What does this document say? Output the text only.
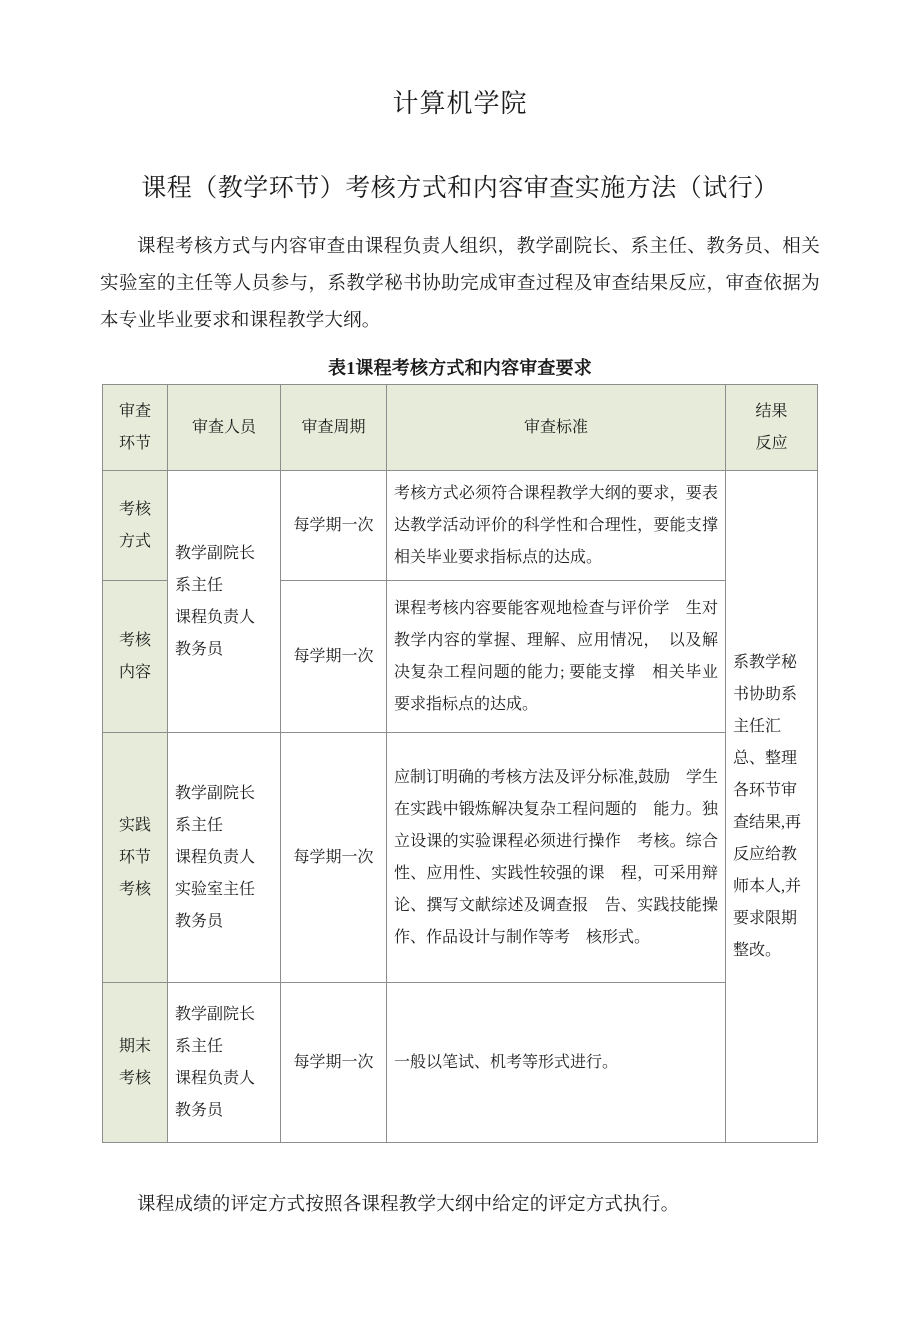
计算机学院
课程（教学环节）考核方式和内容审查实施方法（试行）

课程考核方式与内容审查由课程负责人组织，教学副院长、系主任、教务员、相关实验室的主任等人员参与，系教学秘书协助完成审查过程及审查结果反应，审查依据为本专业毕业要求和课程教学大纲。

表1课程考核方式和内容审查要求
审查
环节	审查人员	审查周期	审查标准	结果
反应

考核
方式	教学副院长
系主任
课程负责人
教务员	每学期一次	考核方式必须符合课程教学大纲的要求，要表达教学活动评价的科学性和合理性，要能支撑相关毕业要求指标点的达成。	系教学秘书协助系主任汇总、整理各环节审查结果,再反应给教师本人,并要求限期整改。

考核
内容		每学期一次	课程考核内容要能客观地检查与评价学　生对教学内容的掌握、理解、应用情况，　以及解决复杂工程问题的能力; 要能支撑　相关毕业要求指标点的达成。	

实践
环节
考核	教学副院长
系主任
课程负责人
实验室主任
教务员	每学期一次	应制订明确的考核方法及评分标准,鼓励　学生在实践中锻炼解决复杂工程问题的　能力。独立设课的实验课程必须进行操作　考核。综合性、应用性、实践性较强的课　程，可采用辩论、撰写文献综述及调查报　告、实践技能操作、作品设计与制作等考　核形式。	

期末
考核	教学副院长
系主任
课程负责人
教务员	每学期一次	一般以笔试、机考等形式进行。	

课程成绩的评定方式按照各课程教学大纲中给定的评定方式执行。
